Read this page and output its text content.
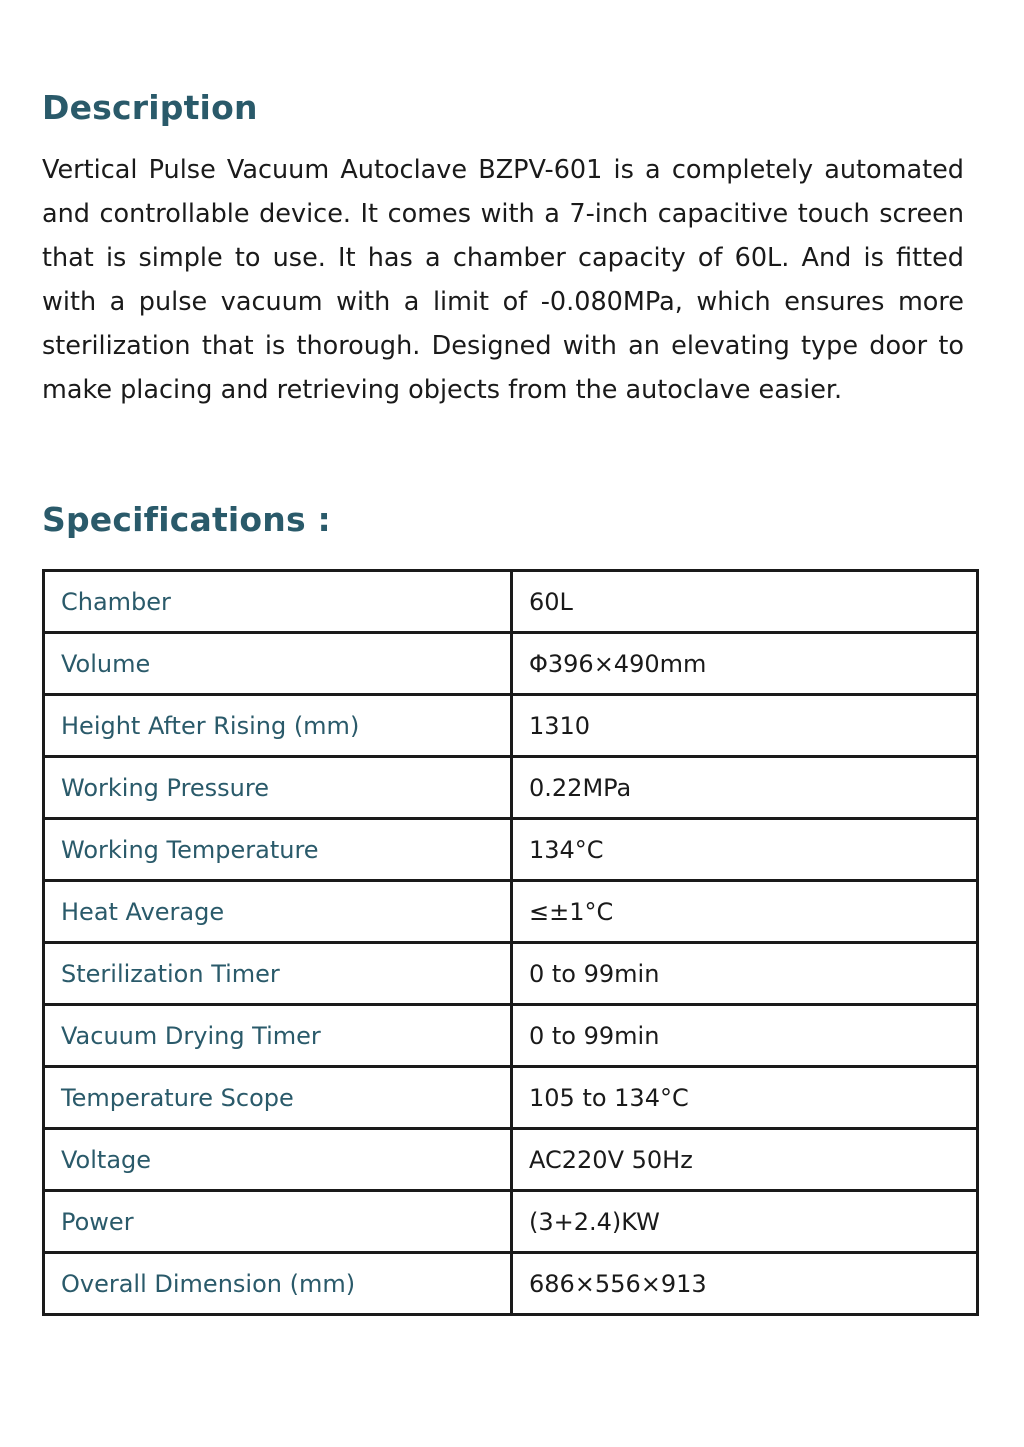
Description

Vertical Pulse Vacuum Autoclave BZPV-601 is a completely automated and controllable device. It comes with a 7-inch capacitive touch screen that is simple to use. It has a chamber capacity of 60L. And is fitted with a pulse vacuum with a limit of -0.080MPa, which ensures more sterilization that is thorough. Designed with an elevating type door to make placing and retrieving objects from the autoclave easier.

Specifications :
Chamber	60L
Volume	Φ396×490mm
Height After Rising (mm)	1310
Working Pressure	0.22MPa
Working Temperature	134°C
Heat Average	≤±1°C
Sterilization Timer	0 to 99min
Vacuum Drying Timer	0 to 99min
Temperature Scope	105 to 134°C
Voltage	AC220V 50Hz
Power	(3+2.4)KW
Overall Dimension (mm)	686×556×913
